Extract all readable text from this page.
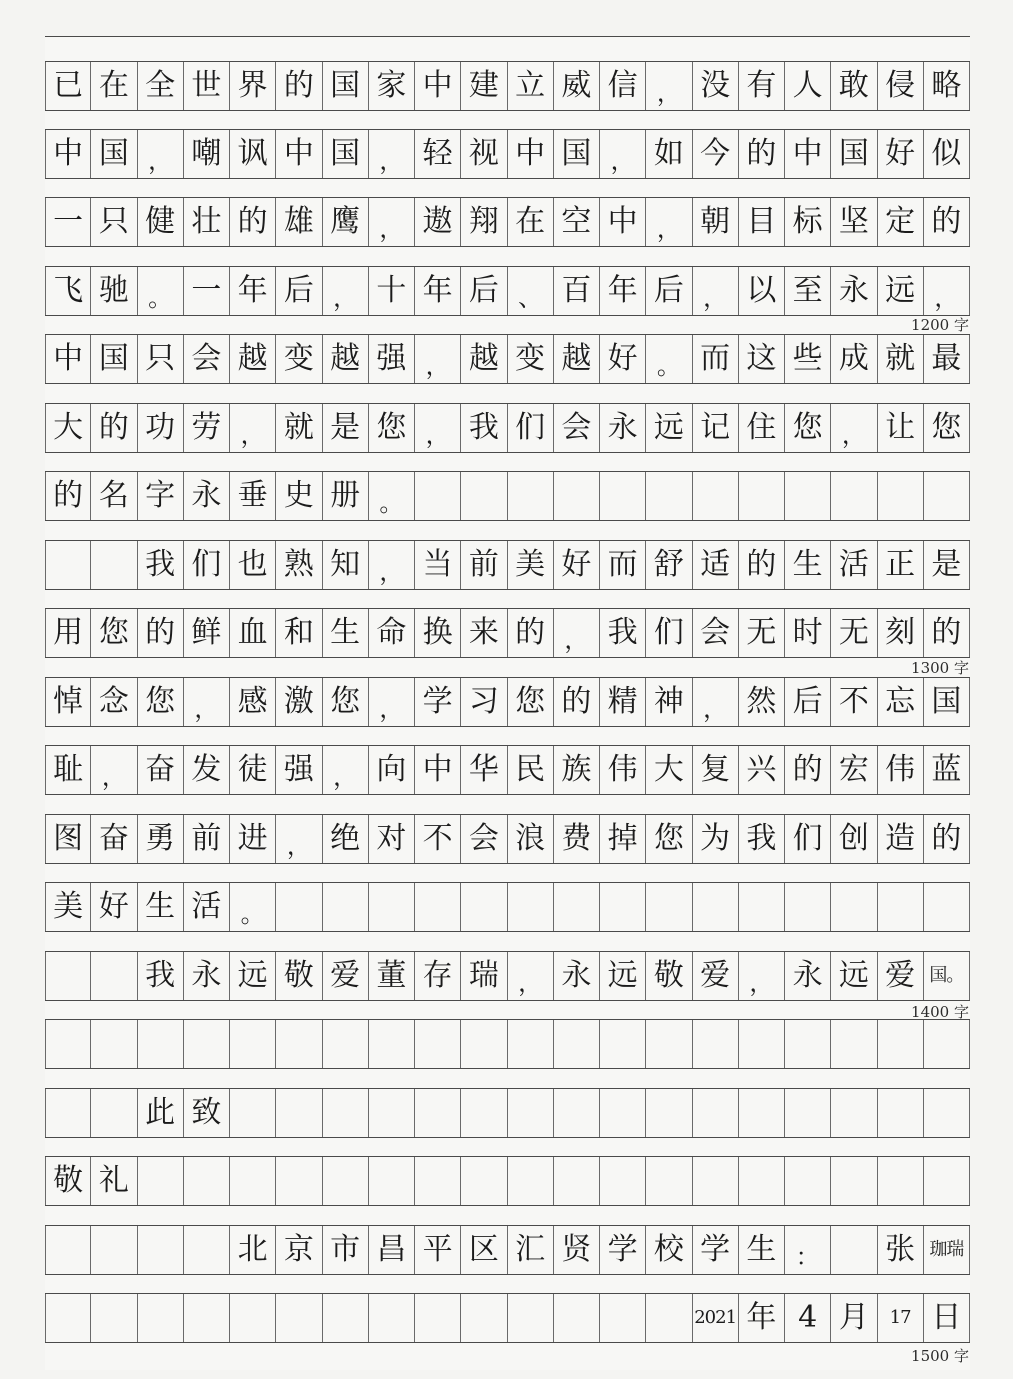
已 在 全 世 界 的 国 家 中 建 立 威 信 ， 没 有 人 敢 侵 略
中 国 ， 嘲 讽 中 国 ， 轻 视 中 国 ， 如 今 的 中 国 好 似
一 只 健 壮 的 雄 鹰 ， 遨 翔 在 空 中 ， 朝 目 标 坚 定 的
飞 驰 。 一 年 后 ， 十 年 后 、 百 年 后 ， 以 至 永 远 ，
中 国 只 会 越 变 越 强 ， 越 变 越 好 。 而 这 些 成 就 最
大 的 功 劳 ， 就 是 您 ， 我 们 会 永 远 记 住 您 ， 让 您
的 名 字 永 垂 史 册 。
我 们 也 熟 知 ， 当 前 美 好 而 舒 适 的 生 活 正 是
用 您 的 鲜 血 和 生 命 换 来 的 ， 我 们 会 无 时 无 刻 的
悼 念 您 ， 感 激 您 ， 学 习 您 的 精 神 ， 然 后 不 忘 国
耻 ， 奋 发 徒 强 ， 向 中 华 民 族 伟 大 复 兴 的 宏 伟 蓝
图 奋 勇 前 进 ， 绝 对 不 会 浪 费 掉 您 为 我 们 创 造 的
美 好 生 活 。
我 永 远 敬 爱 董 存 瑞 ， 永 远 敬 爱 ， 永 远 爱 国。
此 致
敬 礼
北 京 市 昌 平 区 汇 贤 学 校 学 生 ：	张 珈瑞
2021 年 4 月	17 日
1200 字
1300 字
1400 字
1500 字
